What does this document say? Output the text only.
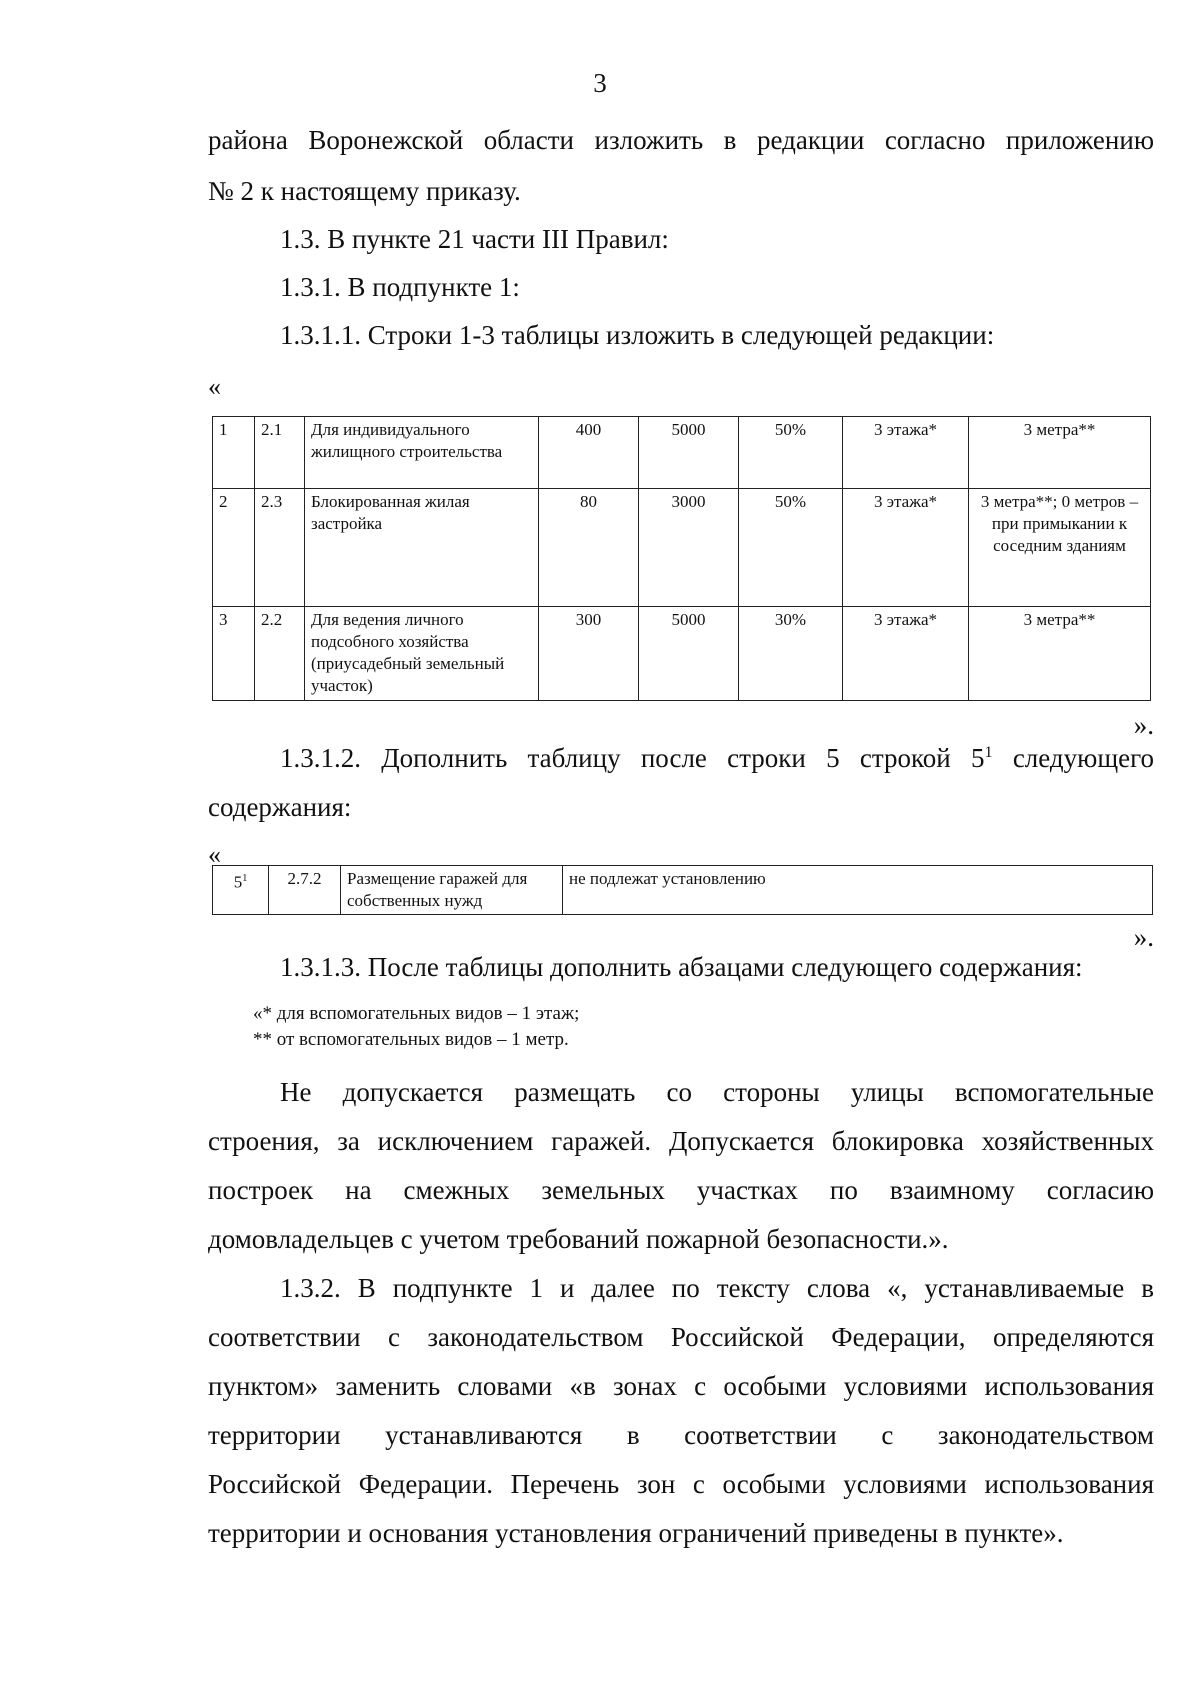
3
района Воронежской области изложить в редакции согласно приложению
№ 2 к настоящему приказу.
1.3. В пункте 21 части III Правил:
1.3.1. В подпункте 1:
1.3.1.1. Строки 1-3 таблицы изложить в следующей редакции:
«
1	2.1	Для индивидуального жилищного строительства	400	5000	50%	3 этажа*	3 метра**
2	2.3	Блокированная жилая застройка	80	3000	50%	3 этажа*	3 метра**; 0 метров – при примыкании к соседним зданиям
3	2.2	Для ведения личного подсобного хозяйства (приусадебный земельный участок)	300	5000	30%	3 этажа*	3 метра**
».
1.3.1.2. Дополнить таблицу после строки 5 строкой $5^1$ следующего
содержания:
«
$5^1$	2.7.2	Размещение гаражей для собственных нужд	не подлежат установлению
».
1.3.1.3. После таблицы дополнить абзацами следующего содержания:
«* для вспомогательных видов – 1 этаж;
** от вспомогательных видов – 1 метр.
Не допускается размещать со стороны улицы вспомогательные
строения, за исключением гаражей. Допускается блокировка хозяйственных
построек на смежных земельных участках по взаимному согласию
домовладельцев с учетом требований пожарной безопасности.».
1.3.2. В подпункте 1 и далее по тексту слова «, устанавливаемые в
соответствии с законодательством Российской Федерации, определяются
пунктом» заменить словами «в зонах с особыми условиями использования
территории устанавливаются в соответствии с законодательством
Российской Федерации. Перечень зон с особыми условиями использования
территории и основания установления ограничений приведены в пункте».
